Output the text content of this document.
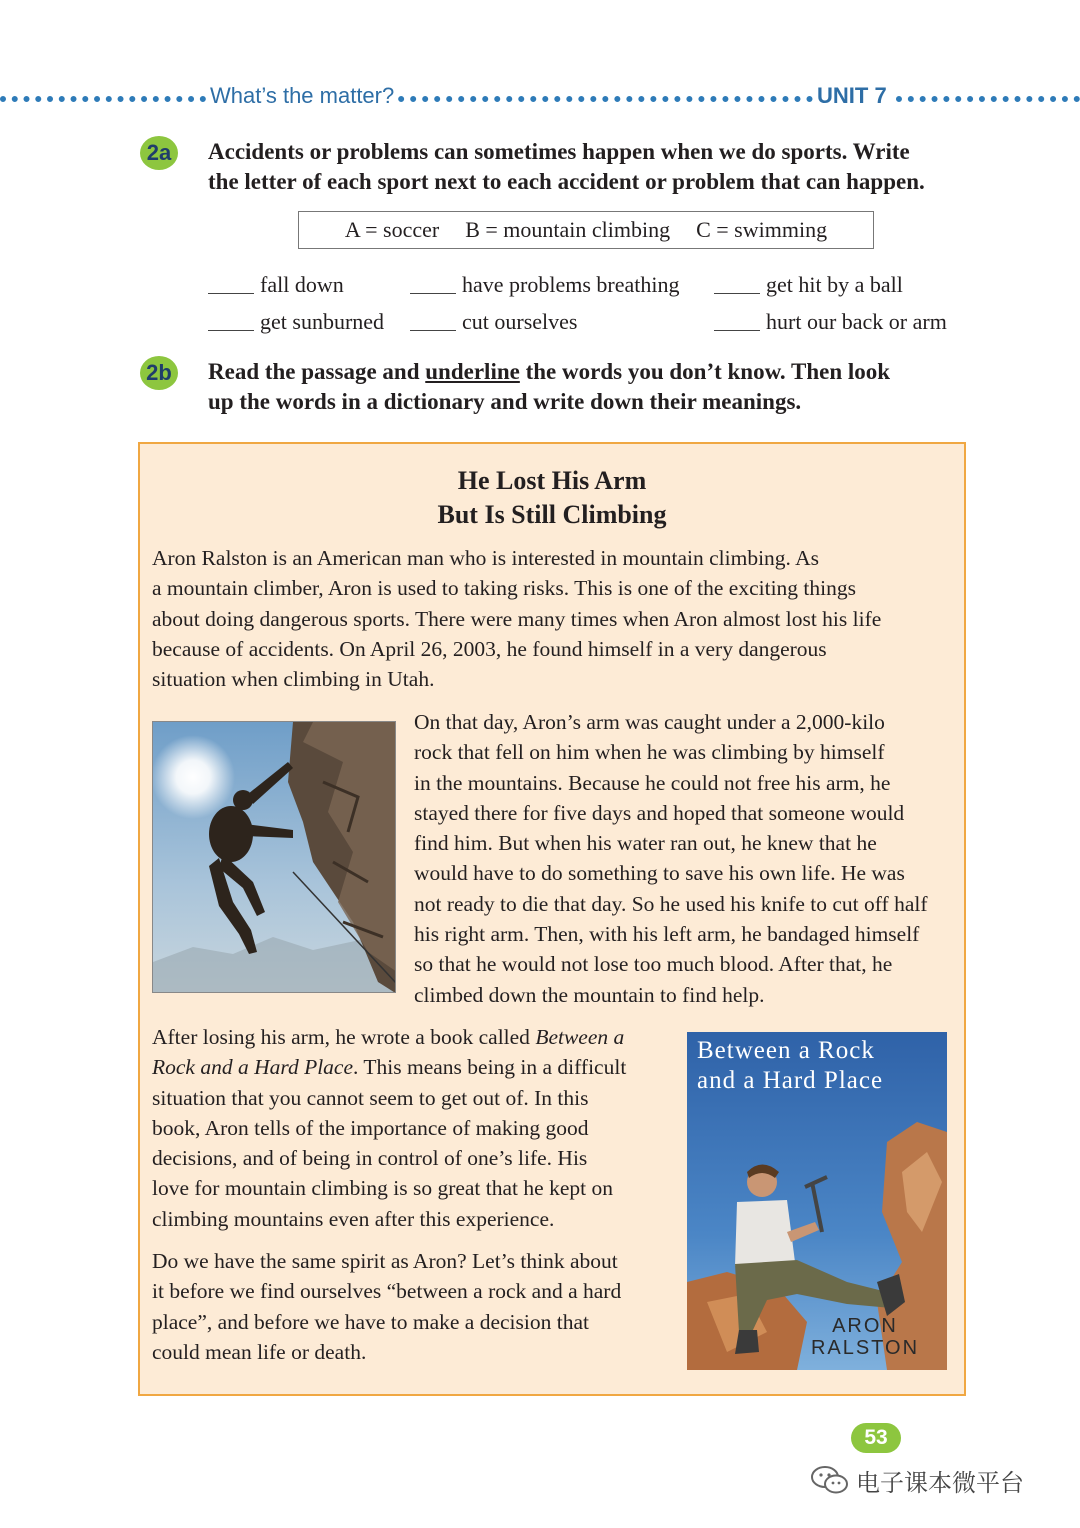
What’s the matter?	UNIT 7
2a Accidents or problems can sometimes happen when we do sports. Write
the letter of each sport next to each accident or problem that can happen.
A = soccer B = mountain climbing C = swimming
fall down	have problems breathing	get hit by a ball
get sunburned	cut ourselves	hurt our back or arm
2b Read the passage and underline the words you don’t know. Then look
up the words in a dictionary and write down their meanings.
He Lost His Arm
But Is Still Climbing
Aron Ralston is an American man who is interested in mountain climbing. As
a mountain climber, Aron is used to taking risks. This is one of the exciting things
about doing dangerous sports. There were many times when Aron almost lost his life
because of accidents. On April 26, 2003, he found himself in a very dangerous
situation when climbing in Utah.
On that day, Aron’s arm was caught under a 2,000-kilo
rock that fell on him when he was climbing by himself
in the mountains. Because he could not free his arm, he
stayed there for five days and hoped that someone would
find him. But when his water ran out, he knew that he
would have to do something to save his own life. He was
not ready to die that day. So he used his knife to cut off half
his right arm. Then, with his left arm, he bandaged himself
so that he would not lose too much blood. After that, he
climbed down the mountain to find help.
After losing his arm, he wrote a book called Between a
Rock and a Hard Place. This means being in a difficult
situation that you cannot seem to get out of. In this
book, Aron tells of the importance of making good
decisions, and of being in control of one’s life. His
love for mountain climbing is so great that he kept on
climbing mountains even after this experience.
Do we have the same spirit as Aron? Let’s think about
it before we find ourselves “between a rock and a hard
place”, and before we have to make a decision that
could mean life or death.
Between a Rock
and a Hard Place
ARON
RALSTON
53
电子课本微平台
